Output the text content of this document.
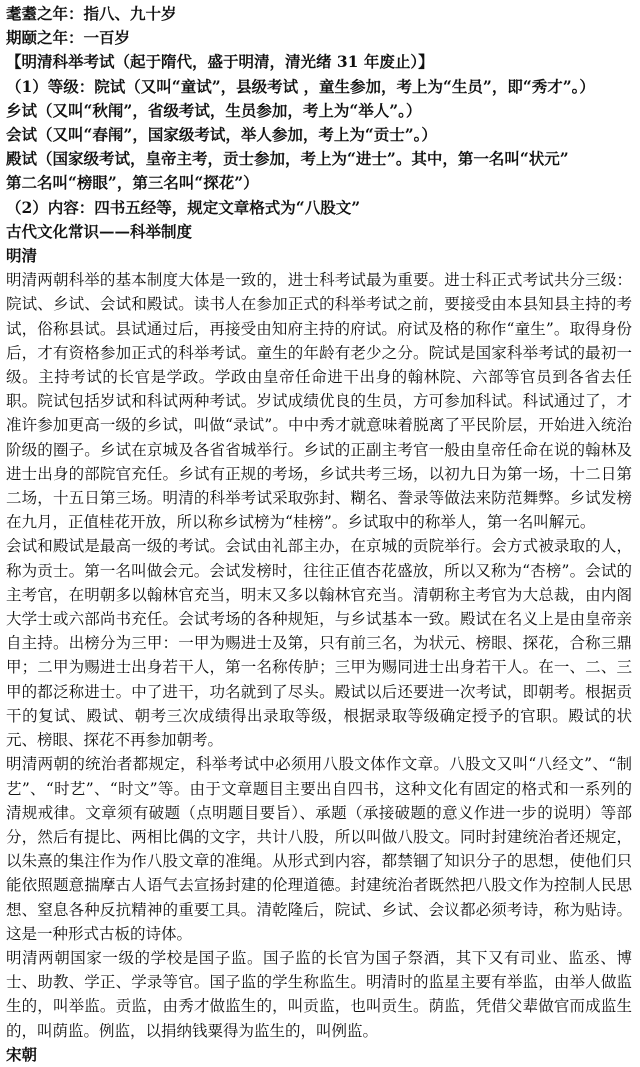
耄耋之年：指八、九十岁
期颐之年：一百岁
【明清科举考试（起于隋代，盛于明清，清光绪 31 年废止）】
（1）等级：院试（又叫“童试”，县级考试 ，童生参加，考上为“生员”，即“秀才”。）
乡试（又叫“秋闱”，省级考试，生员参加，考上为“举人”。）
会试（又叫“春闱”，国家级考试，举人参加，考上为“贡士”。）
殿试（国家级考试，皇帝主考，贡士参加，考上为“进士”。其中，第一名叫“状元”
第二名叫“榜眼”，第三名叫“探花”）
（2）内容：四书五经等，规定文章格式为“八股文”
古代文化常识——科举制度
明清

明清两朝科举的基本制度大体是一致的，进士科考试最为重要。进士科正式考试共分三级：院试、乡试、会试和殿试。读书人在参加正式的科举考试之前，要接受由本县知县主持的考试，俗称县试。县试通过后，再接受由知府主持的府试。府试及格的称作“童生”。取得身份后，才有资格参加正式的科举考试。童生的年龄有老少之分。院试是国家科举考试的最初一级。主持考试的长官是学政。学政由皇帝任命进干出身的翰林院、六部等官员到各省去任职。院试包括岁试和科试两种考试。岁试成绩优良的生员，方可参加科试。科试通过了，才准许参加更高一级的乡试，叫做“录试”。中中秀才就意味着脱离了平民阶层，开始进入统治阶级的圈子。乡试在京城及各省省城举行。乡试的正副主考官一般由皇帝任命在说的翰林及进士出身的部院官充任。乡试有正规的考场，乡试共考三场，以初九日为第一场，十二日第二场，十五日第三场。明清的科举考试采取弥封、糊名、誊录等做法来防范舞弊。乡试发榜在九月，正值桂花开放，所以称乡试榜为“桂榜”。乡试取中的称举人，第一名叫解元。

会试和殿试是最高一级的考试。会试由礼部主办，在京城的贡院举行。会方式被录取的人，称为贡士。第一名叫做会元。会试发榜时，往往正值杏花盛放，所以又称为“杏榜”。会试的主考官，在明朝多以翰林官充当，明末又多以翰林官充当。清朝称主考官为大总裁，由内阁大学士或六部尚书充任。会试考场的各种规矩，与乡试基本一致。殿试在名义上是由皇帝亲自主持。出榜分为三甲：一甲为赐进士及第，只有前三名，为状元、榜眼、探花，合称三鼎甲；二甲为赐进士出身若干人，第一名称传胪；三甲为赐同进士出身若干人。在一、二、三甲的都泛称进士。中了进干，功名就到了尽头。殿试以后还要进一次考试，即朝考。根据贡干的复试、殿试、朝考三次成绩得出录取等级，根据录取等级确定授予的官职。殿试的状元、榜眼、探花不再参加朝考。

明清两朝的统治者都规定，科举考试中必须用八股文体作文章。八股文又叫“八经文”、“制艺”、“时艺”、“时文”等。由于文章题目主要出自四书，这种文化有固定的格式和一系列的清规戒律。文章须有破题（点明题目要旨）、承题（承接破题的意义作进一步的说明）等部分，然后有提比、两相比偶的文字，共计八股，所以叫做八股文。同时封建统治者还规定，以朱熹的集注作为作八股文章的准绳。从形式到内容，都禁锢了知识分子的思想，使他们只能依照题意揣摩古人语气去宣扬封建的伦理道德。封建统治者既然把八股文作为控制人民思想、窒息各种反抗精神的重要工具。清乾隆后，院试、乡试、会议都必须考诗，称为贴诗。这是一种形式古板的诗体。

明清两朝国家一级的学校是国子监。国子监的长官为国子祭酒，其下又有司业、监丞、博士、助教、学正、学录等官。国子监的学生称监生。明清时的监星主要有举监，由举人做监生的，叫举监。贡监，由秀才做监生的，叫贡监，也叫贡生。荫监，凭借父辈做官而成监生的，叫荫监。例监，以捐纳钱粟得为监生的，叫例监。

宋朝
